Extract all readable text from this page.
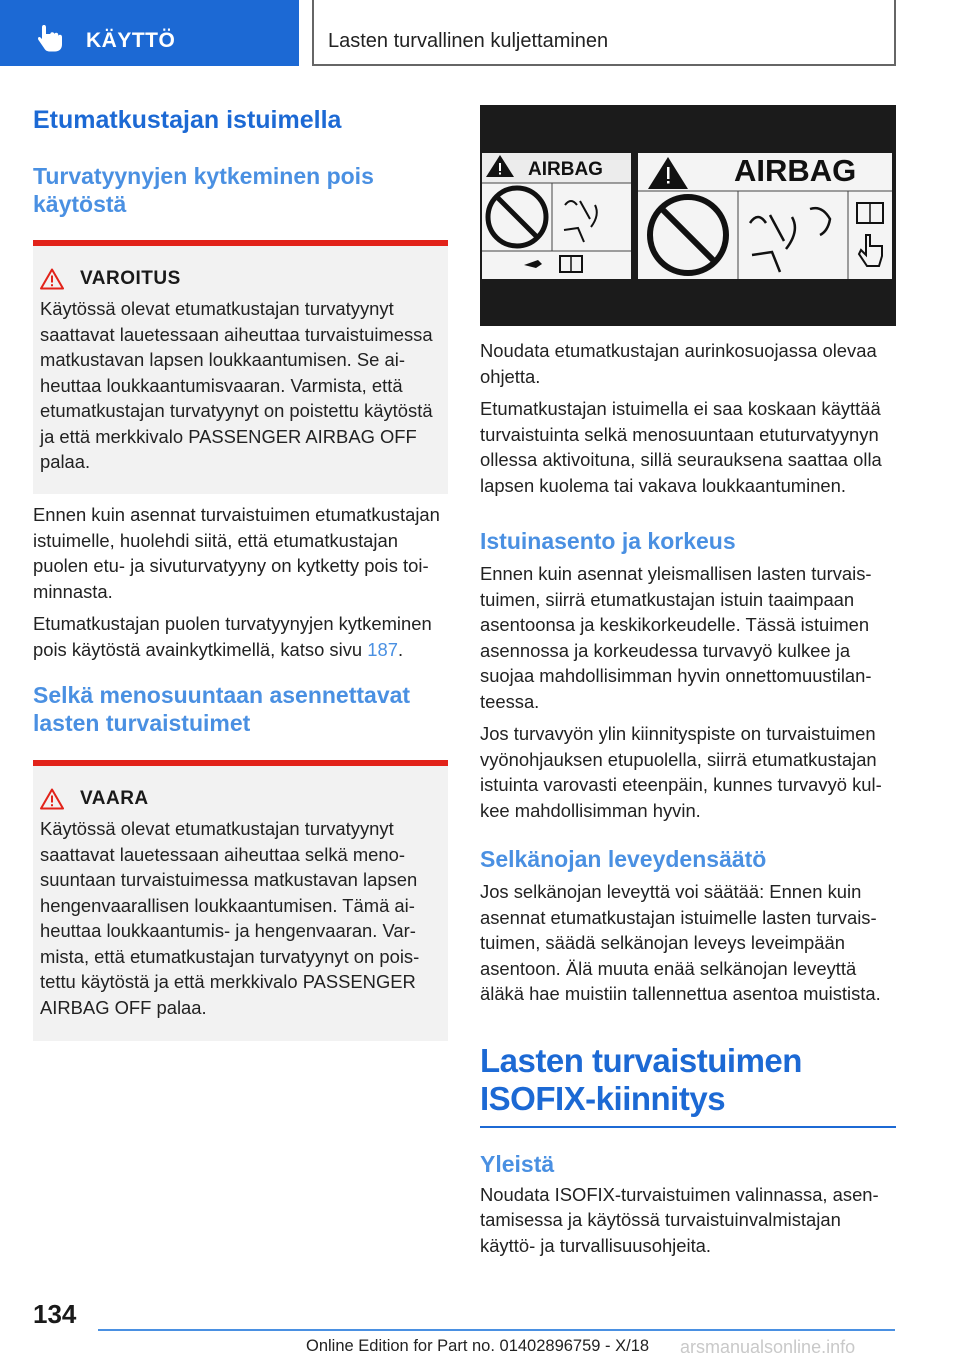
KÄYTTÖ	Lasten turvallinen kuljettaminen
Etumatkustajan istuimella
Turvatyynyjen kytkeminen pois käytöstä
VAROITUS
Käytössä olevat etumatkustajan turvatyynyt saattavat lauetessaan aiheuttaa turvaistuimessa matkustavan lapsen loukkaantumisen. Se aiheuttaa loukkaantumisvaaran. Varmista, että etumatkustajan turvatyynyt on poistettu käytöstä ja että merkkivalo PASSENGER AIRBAG OFF palaa.
Ennen kuin asennat turvaistuimen etumatkustajan istuimelle, huolehdi siitä, että etumatkustajan puolen etu- ja sivuturvatyyny on kytketty pois toiminnasta.
Etumatkustajan puolen turvatyynyjen kytkeminen pois käytöstä avainkytkimellä, katso sivu 187.
Selkä menosuuntaan asennettavat lasten turvaistuimet
VAARA
Käytössä olevat etumatkustajan turvatyynyt saattavat lauetessaan aiheuttaa selkä menosuuntaan turvaistuimessa matkustavan lapsen hengenvaarallisen loukkaantumisen. Tämä aiheuttaa loukkaantumis- ja hengenvaaran. Varmista, että etumatkustajan turvatyynyt on poistettu käytöstä ja että merkkivalo PASSENGER AIRBAG OFF palaa.
AIRBAG	AIRBAG
Noudata etumatkustajan aurinkosuojassa olevaa ohjetta.
Etumatkustajan istuimella ei saa koskaan käyttää turvaistuinta selkä menosuuntaan etuturvatyynyn ollessa aktivoituna, sillä seurauksena saattaa olla lapsen kuolema tai vakava loukkaantuminen.
Istuinasento ja korkeus
Ennen kuin asennat yleismallisen lasten turvaistuimen, siirrä etumatkustajan istuin taaimpaan asentoonsa ja keskikorkeudelle. Tässä istuimen asennossa ja korkeudessa turvavyö kulkee ja suojaa mahdollisimman hyvin onnettomuustilanteessa.
Jos turvavyön ylin kiinnityspiste on turvaistuimen vyönohjauksen etupuolella, siirrä etumatkustajan istuinta varovasti eteenpäin, kunnes turvavyö kulkee mahdollisimman hyvin.
Selkänojan leveydensäätö
Jos selkänojan leveyttä voi säätää: Ennen kuin asennat etumatkustajan istuimelle lasten turvaistuimen, säädä selkänojan leveys leveimpään asentoon. Älä muuta enää selkänojan leveyttä äläkä hae muistiin tallennettua asentoa muistista.
Lasten turvaistuimen ISOFIX-kiinnitys
Yleistä
Noudata ISOFIX-turvaistuimen valinnassa, asentamisessa ja käytössä turvaistuinvalmistajan käyttö- ja turvallisuusohjeita.
134
Online Edition for Part no. 01402896759 - X/18 arsmanualsonline.info
